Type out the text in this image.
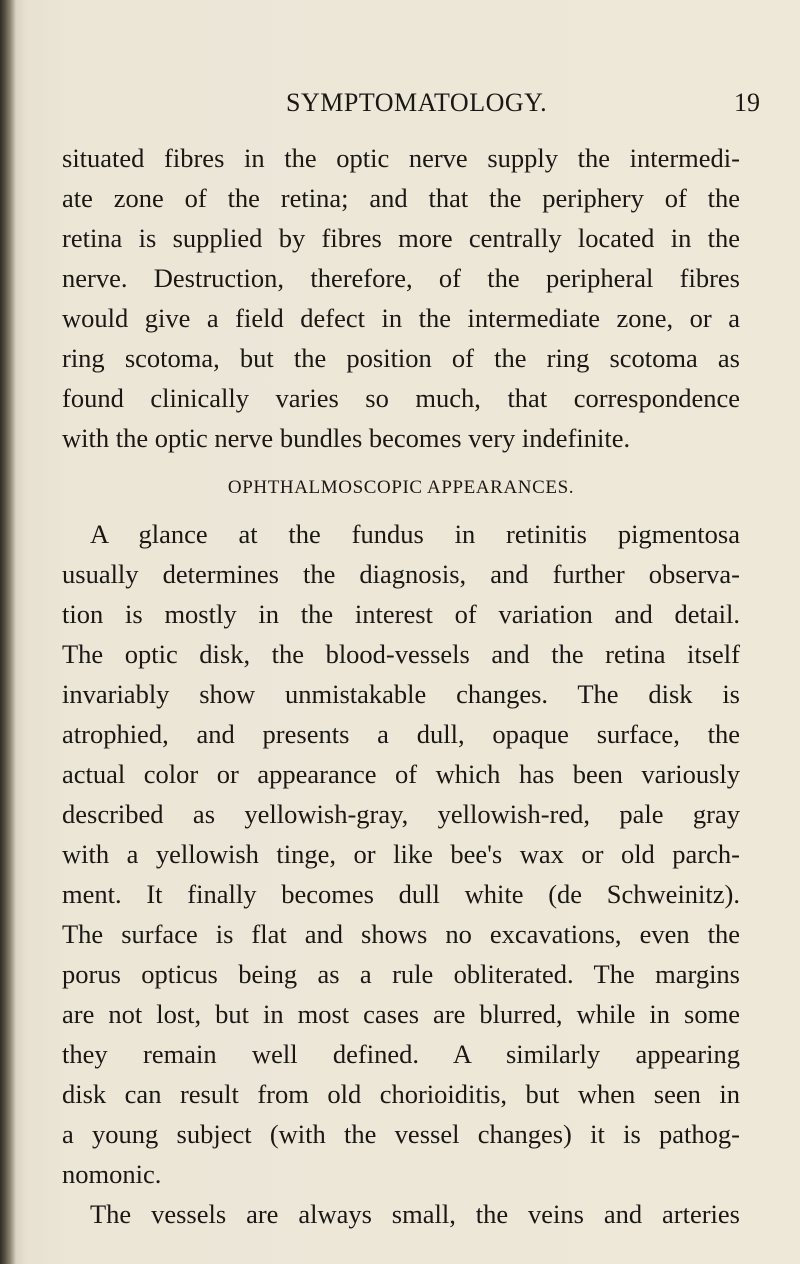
SYMPTOMATOLOGY.	19
situated fibres in the optic nerve supply the intermedi-
ate zone of the retina; and that the periphery of the
retina is supplied by fibres more centrally located in the
nerve. Destruction, therefore, of the peripheral fibres
would give a field defect in the intermediate zone, or a
ring scotoma, but the position of the ring scotoma as
found clinically varies so much, that correspondence
with the optic nerve bundles becomes very indefinite.
OPHTHALMOSCOPIC APPEARANCES.
A glance at the fundus in retinitis pigmentosa
usually determines the diagnosis, and further observa-
tion is mostly in the interest of variation and detail.
The optic disk, the blood-vessels and the retina itself
invariably show unmistakable changes. The disk is
atrophied, and presents a dull, opaque surface, the
actual color or appearance of which has been variously
described as yellowish-gray, yellowish-red, pale gray
with a yellowish tinge, or like bee's wax or old parch-
ment. It finally becomes dull white (de Schweinitz).
The surface is flat and shows no excavations, even the
porus opticus being as a rule obliterated. The margins
are not lost, but in most cases are blurred, while in some
they remain well defined. A similarly appearing
disk can result from old chorioiditis, but when seen in
a young subject (with the vessel changes) it is pathog-
nomonic.
The vessels are always small, the veins and arteries
